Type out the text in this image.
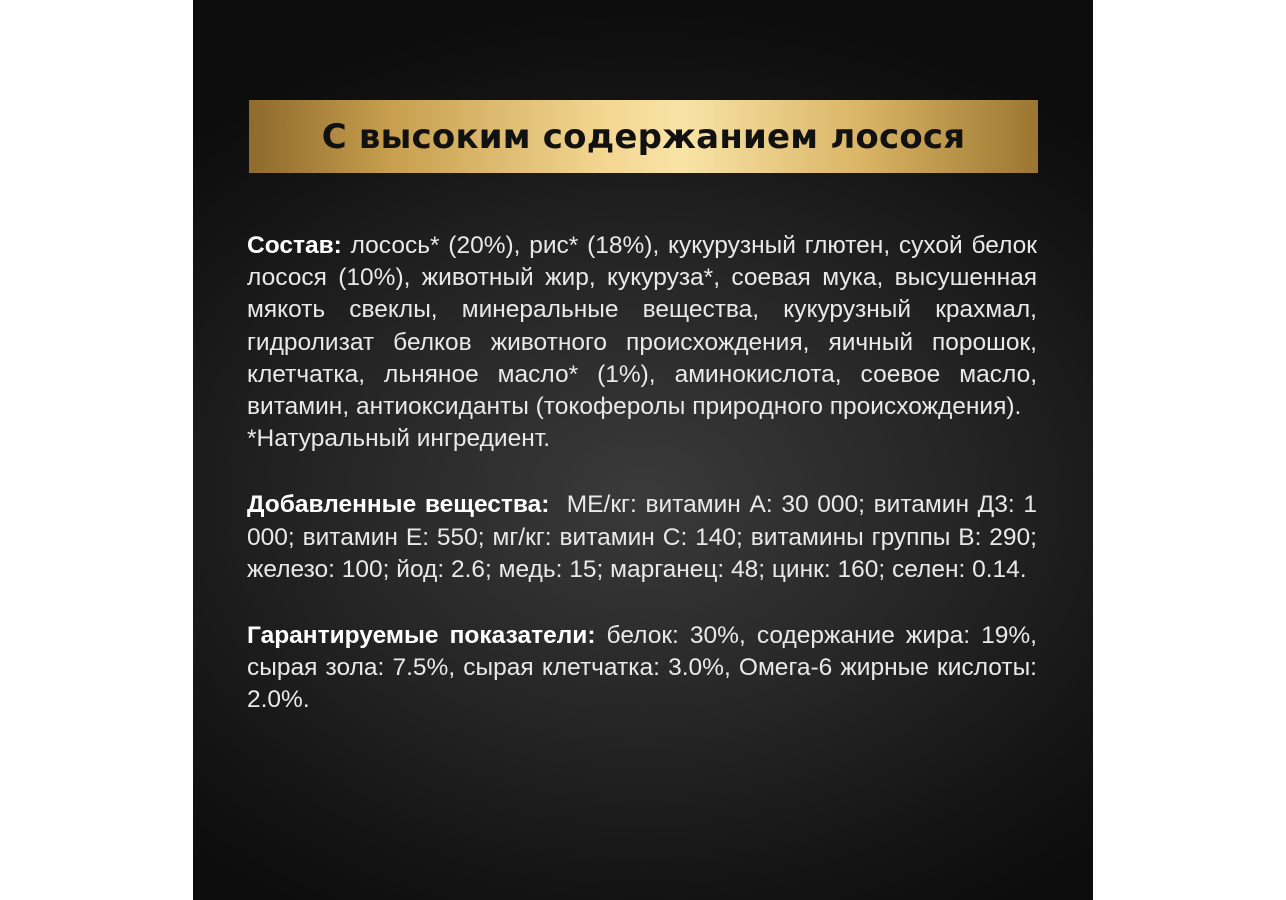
С высоким содержанием лосося

Состав: лосось* (20%), рис* (18%), кукурузный глютен, сухой белок лосося (10%), животный жир, кукуруза*, соевая мука, высушенная мякоть свеклы, минеральные вещества, кукурузный крахмал, гидролизат белков животного происхождения, яичный порошок, клетчатка, льняное масло* (1%), аминокислота, соевое масло, витамин, антиоксиданты (токоферолы природного происхождения).
*Натуральный ингредиент.

Добавленные вещества:  МЕ/кг: витамин А: 30 000; витамин Д3: 1 000; витамин Е: 550; мг/кг: витамин С: 140; витамины группы В: 290; железо: 100; йод: 2.6; медь: 15; марганец: 48; цинк: 160; селен: 0.14.

Гарантируемые показатели: белок: 30%, содержание жира: 19%, сырая зола: 7.5%, сырая клетчатка: 3.0%, Омега-6 жирные кислоты: 2.0%.
